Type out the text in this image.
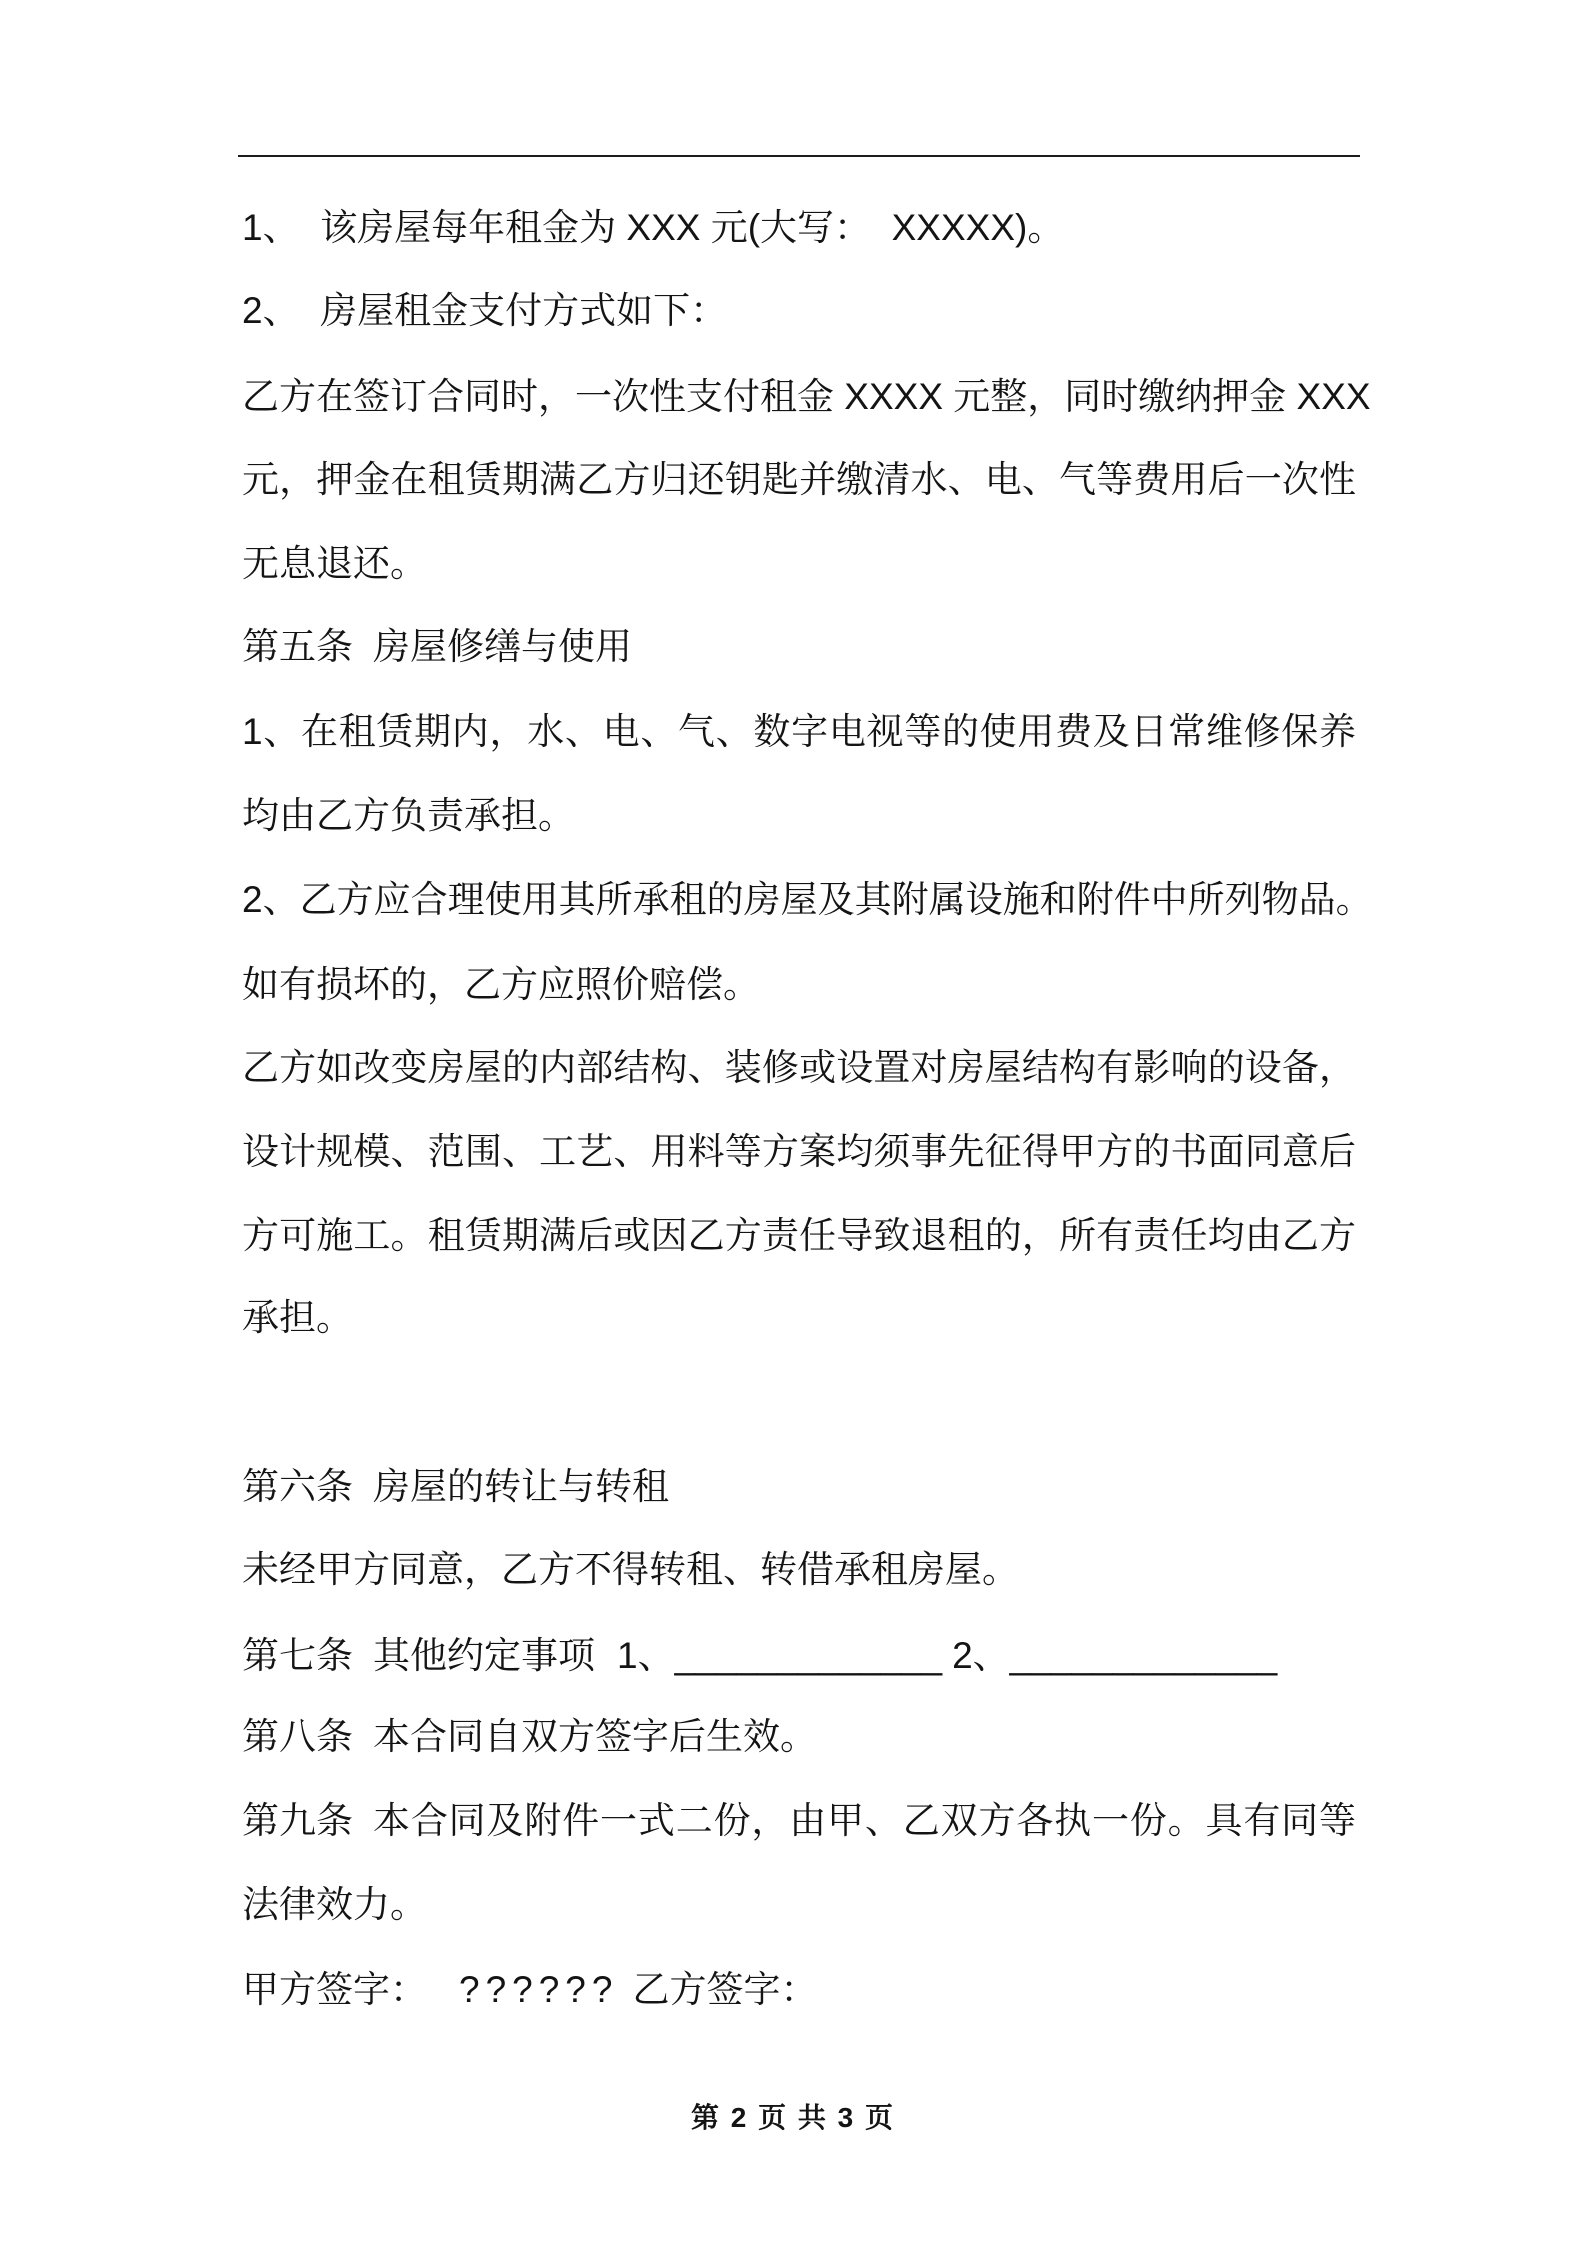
1、  该房屋每年租金为 XXX 元(大写：  XXXXX)。
2、  房屋租金支付方式如下：
乙方在签订合同时，一次性支付租金 XXXX 元整，同时缴纳押金 XXX
元，押金在租赁期满乙方归还钥匙并缴清水、电、气等费用后一次性
无息退还。
第五条 房屋修缮与使用
1、在租赁期内，水、电、气、数字电视等的使用费及日常维修保养
均由乙方负责承担。
2、乙方应合理使用其所承租的房屋及其附属设施和附件中所列物品。
如有损坏的，乙方应照价赔偿。
乙方如改变房屋的内部结构、装修或设置对房屋结构有影响的设备，
设计规模、范围、工艺、用料等方案均须事先征得甲方的书面同意后
方可施工。租赁期满后或因乙方责任导致退租的，所有责任均由乙方
承担。
第六条 房屋的转让与转租
未经甲方同意，乙方不得转租、转借承租房屋。
第七条 其他约定事项 1、_____________ 2、_____________
第八条 本合同自双方签字后生效。
第九条 本合同及附件一式二份，由甲、乙双方各执一份。具有同等
法律效力。
甲方签字： ?????? 乙方签字：
第 2 页 共 3 页
